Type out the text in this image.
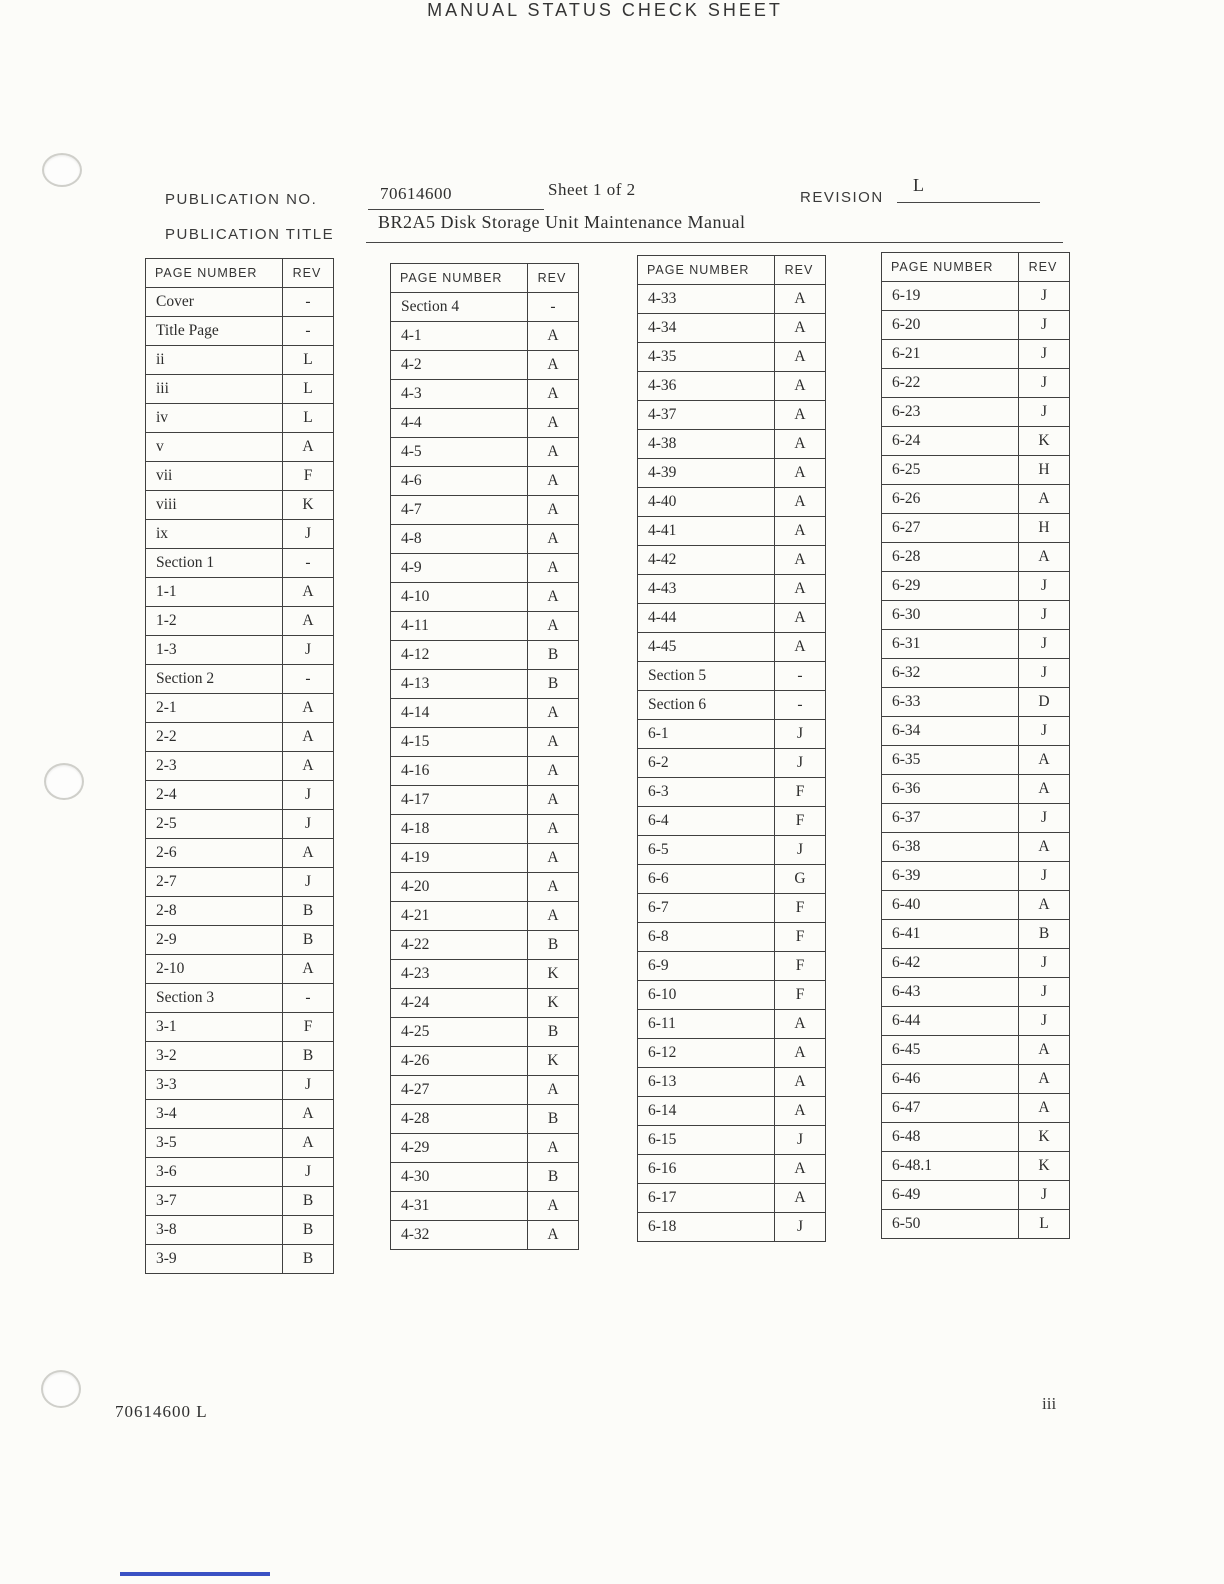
MANUAL STATUS CHECK SHEET
PUBLICATION NO.	70614600	Sheet 1 of 2	REVISION
L
PUBLICATION TITLE
BR2A5 Disk Storage Unit Maintenance Manual
PAGE NUMBER	REV
Cover	-
Title Page	-
ii	L
iii	L
iv	L
v	A
vii	F
viii	K
ix	J
Section 1	-
1-1	A
1-2	A
1-3	J
Section 2	-
2-1	A
2-2	A
2-3	A
2-4	J
2-5	J
2-6	A
2-7	J
2-8	B
2-9	B
2-10	A
Section 3	-
3-1	F
3-2	B
3-3	J
3-4	A
3-5	A
3-6	J
3-7	B
3-8	B
3-9	B
PAGE NUMBER	REV
Section 4	-
4-1	A
4-2	A
4-3	A
4-4	A
4-5	A
4-6	A
4-7	A
4-8	A
4-9	A
4-10	A
4-11	A
4-12	B
4-13	B
4-14	A
4-15	A
4-16	A
4-17	A
4-18	A
4-19	A
4-20	A
4-21	A
4-22	B
4-23	K
4-24	K
4-25	B
4-26	K
4-27	A
4-28	B
4-29	A
4-30	B
4-31	A
4-32	A
PAGE NUMBER	REV
4-33	A
4-34	A
4-35	A
4-36	A
4-37	A
4-38	A
4-39	A
4-40	A
4-41	A
4-42	A
4-43	A
4-44	A
4-45	A
Section 5	-
Section 6	-
6-1	J
6-2	J
6-3	F
6-4	F
6-5	J
6-6	G
6-7	F
6-8	F
6-9	F
6-10	F
6-11	A
6-12	A
6-13	A
6-14	A
6-15	J
6-16	A
6-17	A
6-18	J
PAGE NUMBER	REV
6-19	J
6-20	J
6-21	J
6-22	J
6-23	J
6-24	K
6-25	H
6-26	A
6-27	H
6-28	A
6-29	J
6-30	J
6-31	J
6-32	J
6-33	D
6-34	J
6-35	A
6-36	A
6-37	J
6-38	A
6-39	J
6-40	A
6-41	B
6-42	J
6-43	J
6-44	J
6-45	A
6-46	A
6-47	A
6-48	K
6-48.1	K
6-49	J
6-50	L
70614600 L	iii
